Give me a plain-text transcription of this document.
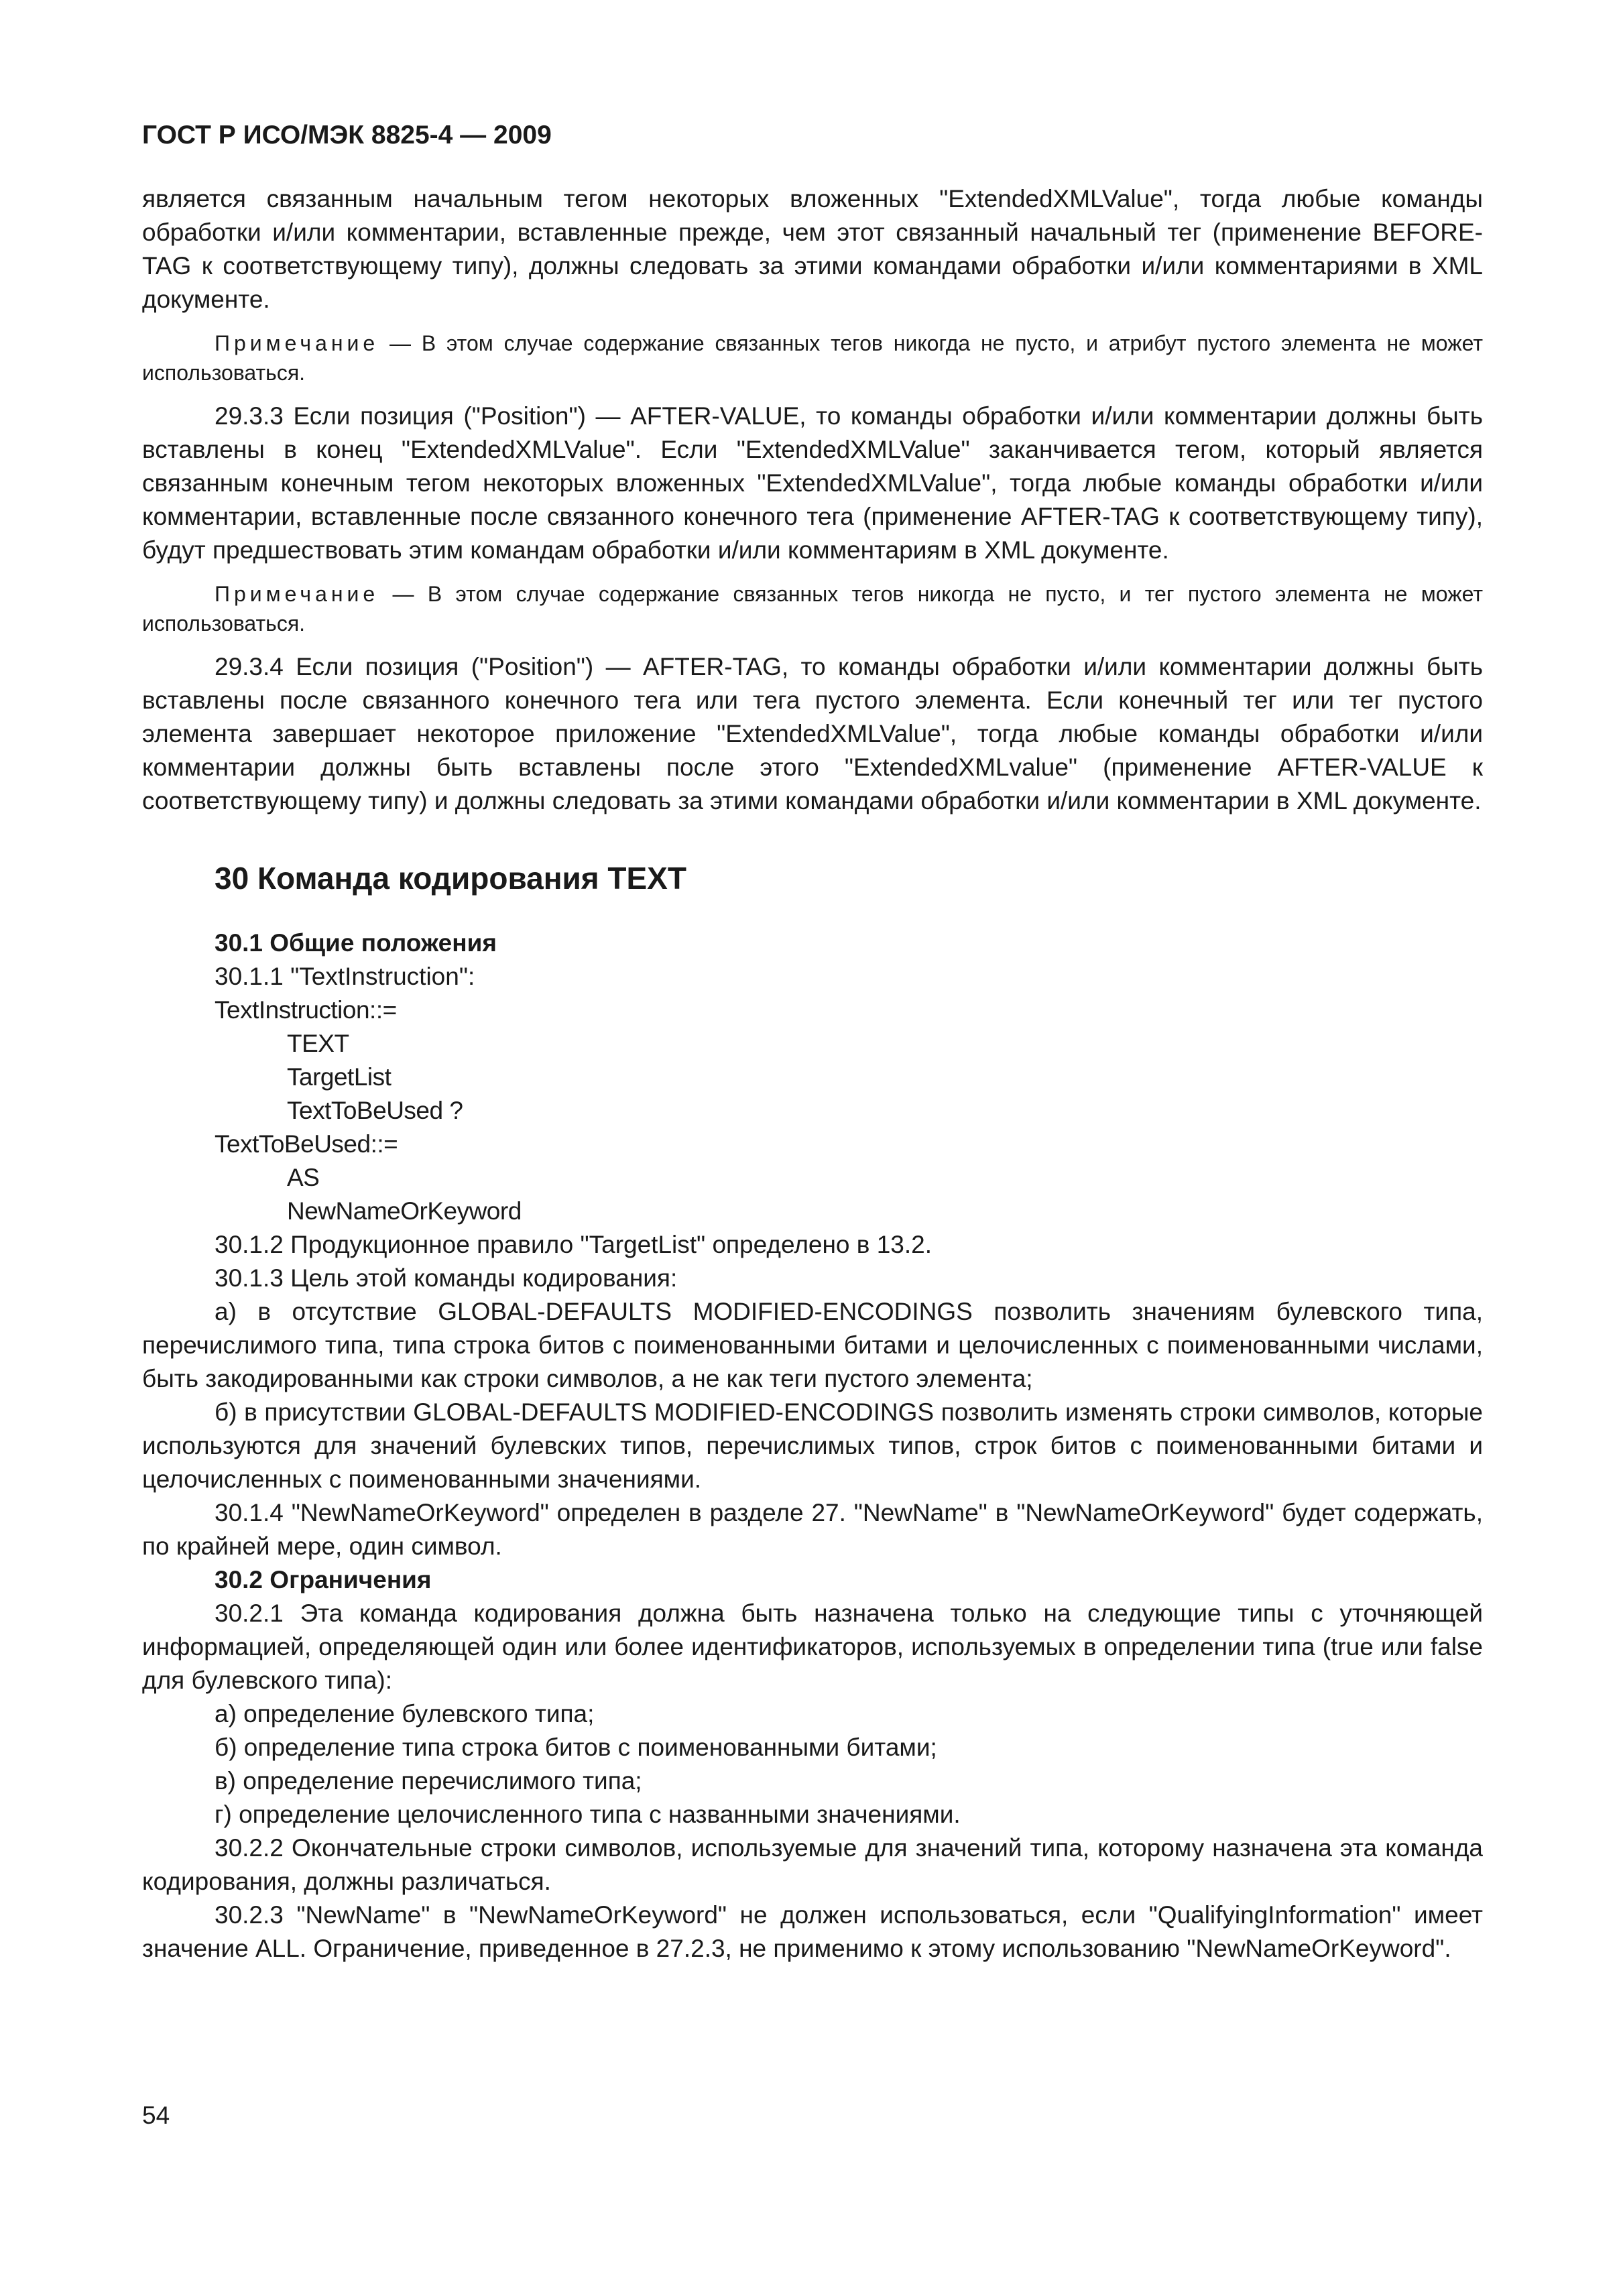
ГОСТ Р ИСО/МЭК 8825-4 — 2009

является связанным начальным тегом некоторых вложенных "ExtendedXMLValue", тогда любые команды обработки и/или комментарии, вставленные прежде, чем этот связанный начальный тег (применение BEFORE-TAG к соответствующему типу), должны следовать за этими командами обработки и/или комментариями в XML документе.

Примечание — В этом случае содержание связанных тегов никогда не пусто, и атрибут пустого элемента не может использоваться.

29.3.3 Если позиция ("Position") — AFTER-VALUE, то команды обработки и/или комментарии должны быть вставлены в конец "ExtendedXMLValue". Если "ExtendedXMLValue" заканчивается тегом, который является связанным конечным тегом некоторых вложенных "ExtendedXMLValue", тогда любые команды обработки и/или комментарии, вставленные после связанного конечного тега (применение AFTER-TAG к соответствующему типу), будут предшествовать этим командам обработки и/или комментариям в XML документе.

Примечание — В этом случае содержание связанных тегов никогда не пусто, и тег пустого элемента не может использоваться.

29.3.4 Если позиция ("Position") — AFTER-TAG, то команды обработки и/или комментарии должны быть вставлены после связанного конечного тега или тега пустого элемента. Если конечный тег или тег пустого элемента завершает некоторое приложение "ExtendedXMLValue", тогда любые команды обработки и/или комментарии должны быть вставлены после этого "ExtendedXMLvalue" (применение AFTER-VALUE к соответствующему типу) и должны следовать за этими командами обработки и/или комментарии в XML документе.

30 Команда кодирования TEXT

30.1 Общие положения

30.1.1 "TextInstruction":

TextInstruction::=

TEXT

TargetList

TextToBeUsed ?

TextToBeUsed::=

AS

NewNameOrKeyword

30.1.2 Продукционное правило "TargetList" определено в 13.2.

30.1.3 Цель этой команды кодирования:

а) в отсутствие GLOBAL-DEFAULTS MODIFIED-ENCODINGS позволить значениям булевского типа, перечислимого типа, типа строка битов с поименованными битами и целочисленных с поименованными числами, быть закодированными как строки символов, а не как теги пустого элемента;

б) в присутствии GLOBAL-DEFAULTS MODIFIED-ENCODINGS позволить изменять строки символов, которые используются для значений булевских типов, перечислимых типов, строк битов с поименованными битами и целочисленных с поименованными значениями.

30.1.4 "NewNameOrKeyword" определен в разделе 27. "NewName" в "NewNameOrKeyword" будет содержать, по крайней мере, один символ.

30.2 Ограничения

30.2.1 Эта команда кодирования должна быть назначена только на следующие типы с уточняющей информацией, определяющей один или более идентификаторов, используемых в определении типа (true или false для булевского типа):

а) определение булевского типа;

б) определение типа строка битов с поименованными битами;

в) определение перечислимого типа;

г) определение целочисленного типа с названными значениями.

30.2.2 Окончательные строки символов, используемые для значений типа, которому назначена эта команда кодирования, должны различаться.

30.2.3 "NewName" в "NewNameOrKeyword" не должен использоваться, если "QualifyingInformation" имеет значение ALL. Ограничение, приведенное в 27.2.3, не применимо к этому использованию "NewNameOrKeyword".

54
